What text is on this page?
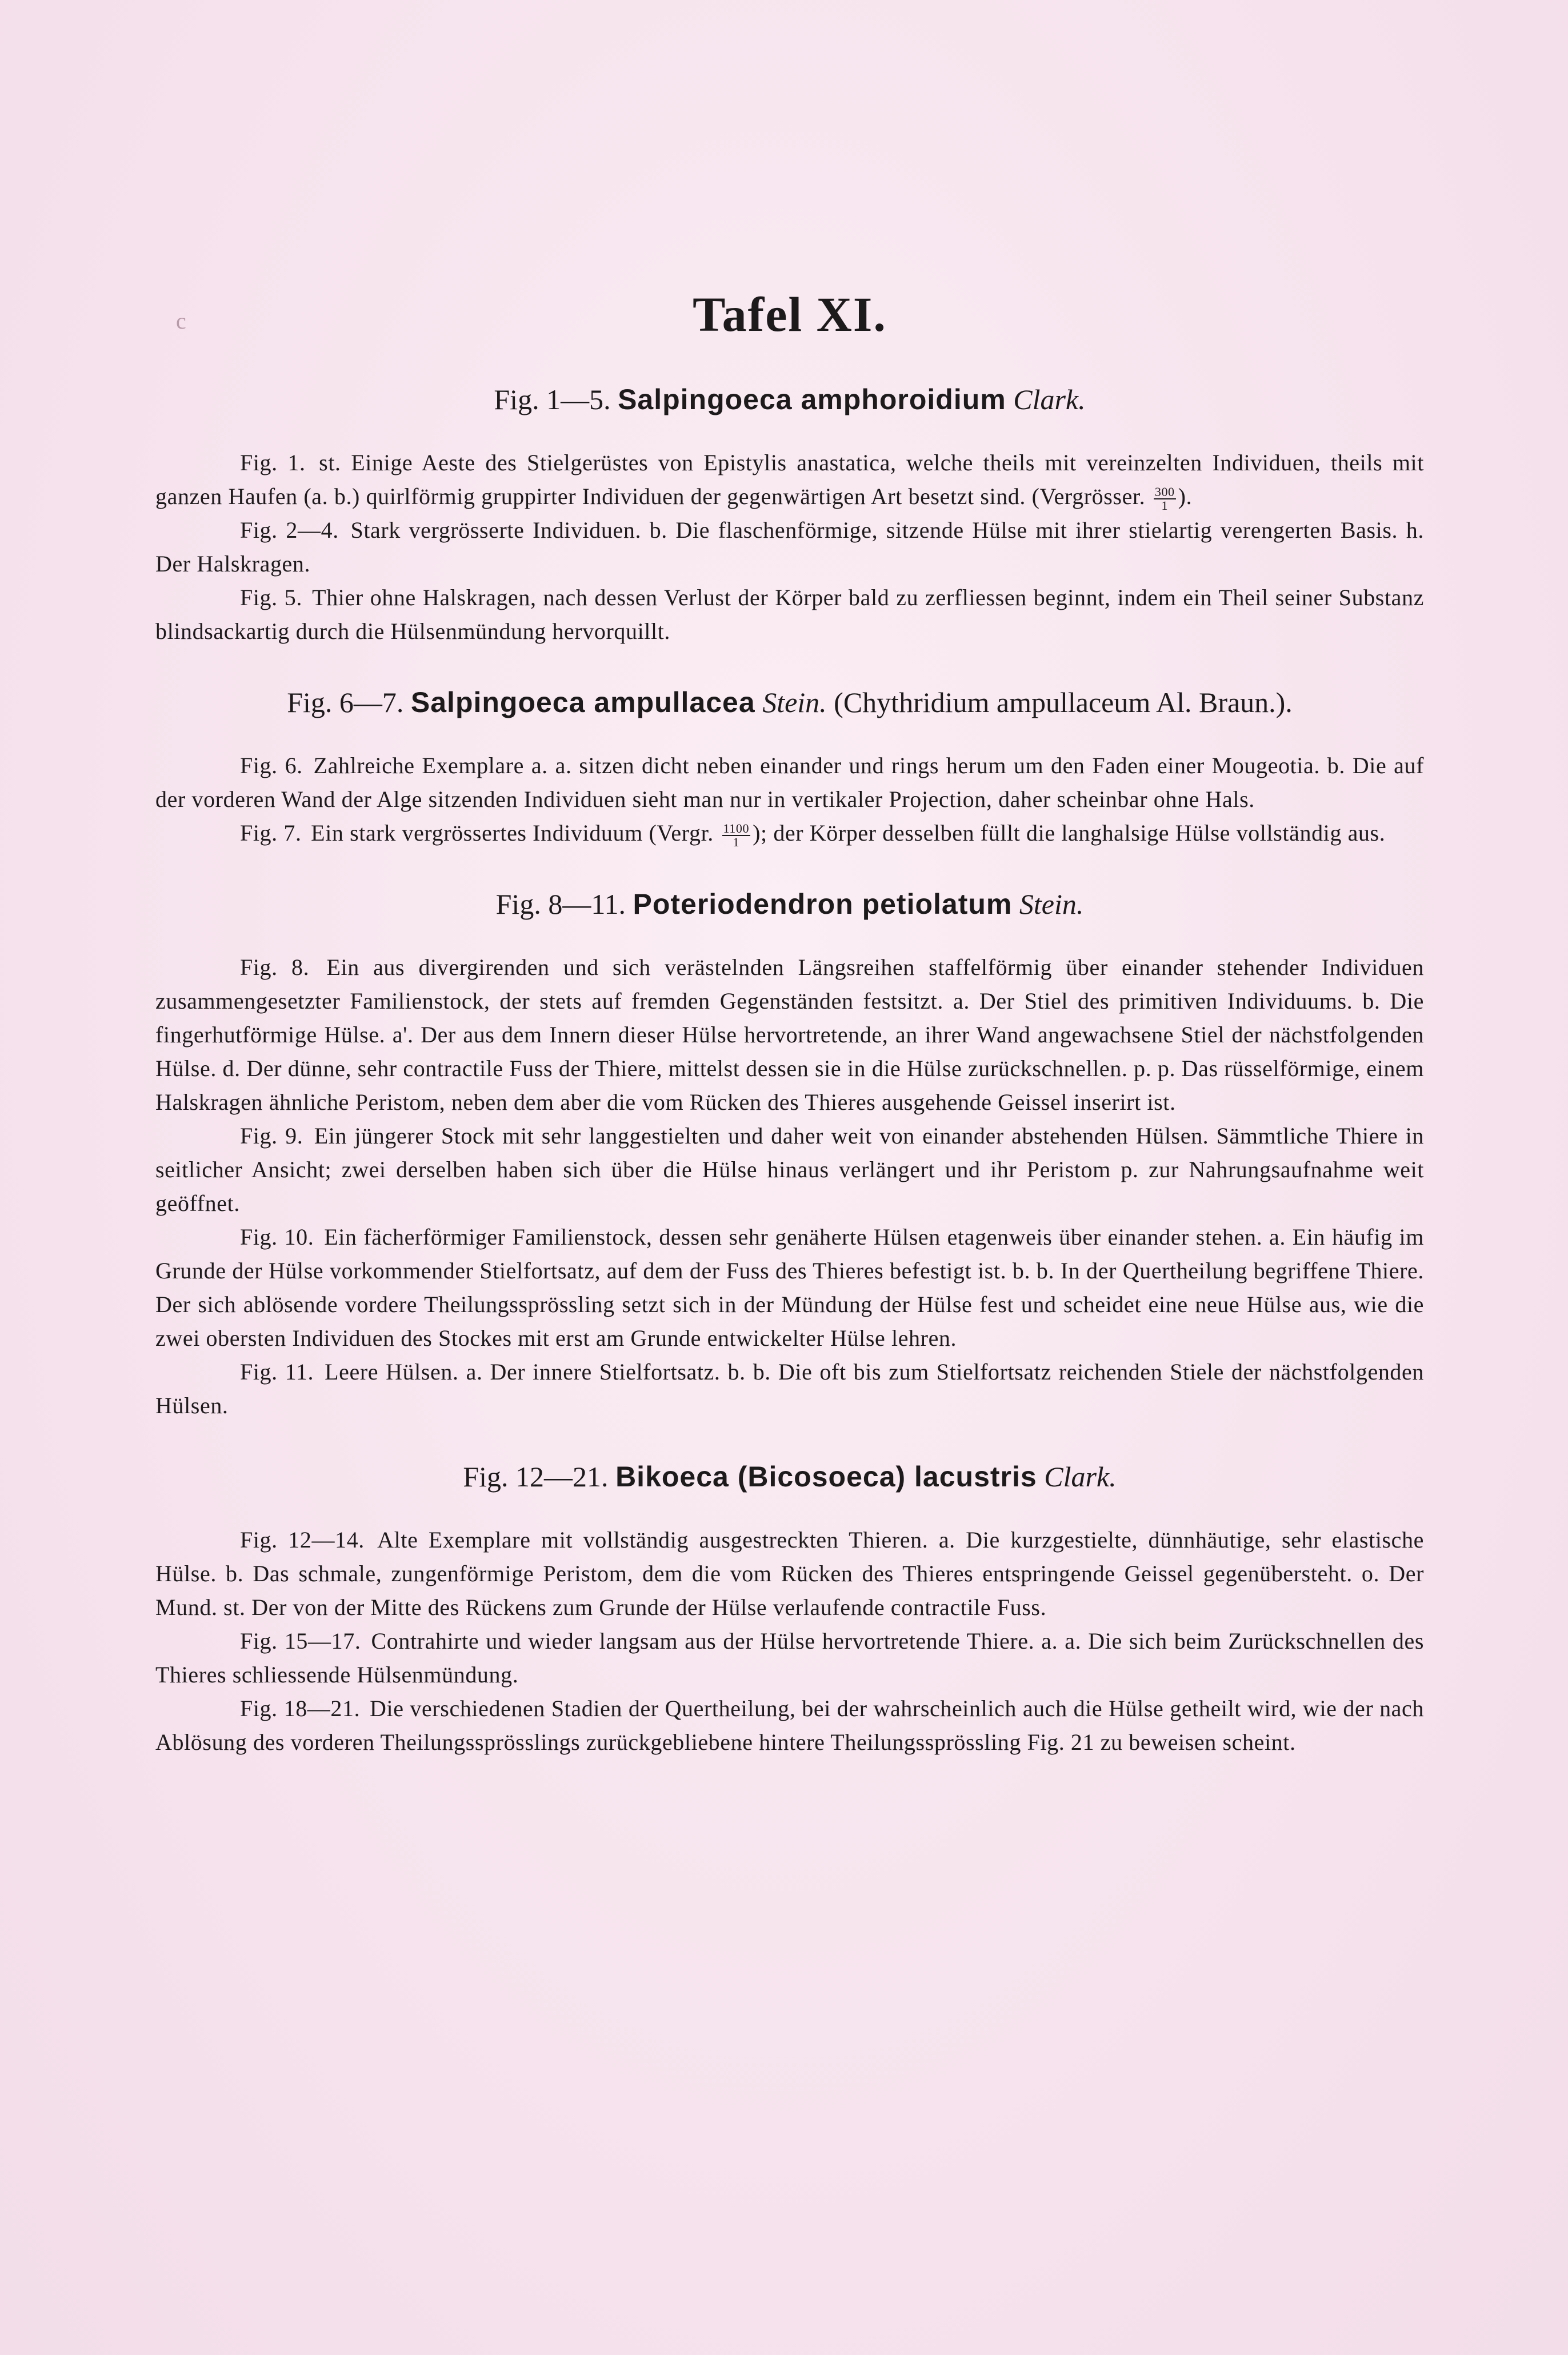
c	Tafel XI.
Fig. 1—5. Salpingoeca amphoroidium Clark.
Fig. 1. st. Einige Aeste des Stielgerüstes von Epistylis anastatica, welche theils mit vereinzelten Individuen, theils mit ganzen Haufen (a. b.) quirlförmig gruppirter Individuen der gegenwärtigen Art besetzt sind. (Vergrösser. $\frac{300}{1}$ ).
Fig. 2—4. Stark vergrösserte Individuen. b. Die flaschenförmige, sitzende Hülse mit ihrer stielartig verengerten Basis. h. Der Halskragen.
Fig. 5. Thier ohne Halskragen, nach dessen Verlust der Körper bald zu zerfliessen beginnt, indem ein Theil seiner Substanz blindsackartig durch die Hülsenmündung hervorquillt.
Fig. 6—7. Salpingoeca ampullacea Stein. (Chythridium ampullaceum Al. Braun.).
Fig. 6. Zahlreiche Exemplare a. a. sitzen dicht neben einander und rings herum um den Faden einer Mougeotia. b. Die auf der vorderen Wand der Alge sitzenden Individuen sieht man nur in vertikaler Projection, daher scheinbar ohne Hals.
Fig. 7. Ein stark vergrössertes Individuum (Vergr. $\frac{1100}{1}$ ); der Körper desselben füllt die langhalsige Hülse vollständig aus.
Fig. 8—11. Poteriodendron petiolatum Stein.
Fig. 8. Ein aus divergirenden und sich verästelnden Längsreihen staffelförmig über einander stehender Individuen zusammengesetzter Familienstock, der stets auf fremden Gegenständen festsitzt. a. Der Stiel des primitiven Individuums. b. Die fingerhutförmige Hülse. a'. Der aus dem Innern dieser Hülse hervortretende, an ihrer Wand angewachsene Stiel der nächstfolgenden Hülse. d. Der dünne, sehr contractile Fuss der Thiere, mittelst dessen sie in die Hülse zurückschnellen. p. p. Das rüsselförmige, einem Halskragen ähnliche Peristom, neben dem aber die vom Rücken des Thieres ausgehende Geissel inserirt ist.
Fig. 9. Ein jüngerer Stock mit sehr langgestielten und daher weit von einander abstehenden Hülsen. Sämmtliche Thiere in seitlicher Ansicht; zwei derselben haben sich über die Hülse hinaus verlängert und ihr Peristom p. zur Nahrungsaufnahme weit geöffnet.
Fig. 10. Ein fächerförmiger Familienstock, dessen sehr genäherte Hülsen etagenweis über einander stehen. a. Ein häufig im Grunde der Hülse vorkommender Stielfortsatz, auf dem der Fuss des Thieres befestigt ist. b. b. In der Quertheilung begriffene Thiere. Der sich ablösende vordere Theilungssprössling setzt sich in der Mündung der Hülse fest und scheidet eine neue Hülse aus, wie die zwei obersten Individuen des Stockes mit erst am Grunde entwickelter Hülse lehren.
Fig. 11. Leere Hülsen. a. Der innere Stielfortsatz. b. b. Die oft bis zum Stielfortsatz reichenden Stiele der nächstfolgenden Hülsen.
Fig. 12—21. Bikoeca (Bicosoeca) lacustris Clark.
Fig. 12—14. Alte Exemplare mit vollständig ausgestreckten Thieren. a. Die kurzgestielte, dünnhäutige, sehr elastische Hülse. b. Das schmale, zungenförmige Peristom, dem die vom Rücken des Thieres entspringende Geissel gegenübersteht. o. Der Mund. st. Der von der Mitte des Rückens zum Grunde der Hülse verlaufende contractile Fuss.
Fig. 15—17. Contrahirte und wieder langsam aus der Hülse hervortretende Thiere. a. a. Die sich beim Zurückschnellen des Thieres schliessende Hülsenmündung.
Fig. 18—21. Die verschiedenen Stadien der Quertheilung, bei der wahrscheinlich auch die Hülse getheilt wird, wie der nach Ablösung des vorderen Theilungssprösslings zurückgebliebene hintere Theilungssprössling Fig. 21 zu beweisen scheint.
